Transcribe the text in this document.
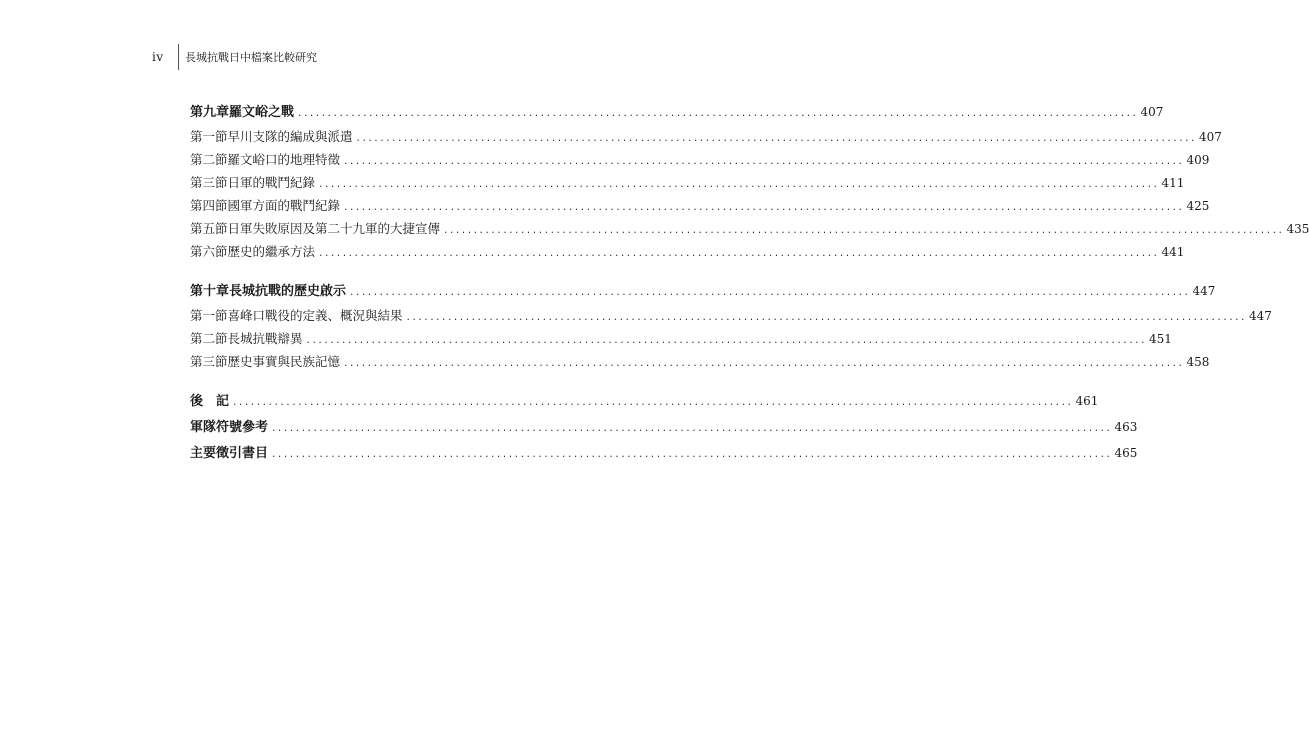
iv 長城抗戰日中檔案比較研究
第九章 羅文峪之戰 .............................................................................................................................................. 407
第一節 早川支隊的編成與派遣 .............................................................................................................................................. 407
第二節 羅文峪口的地理特徵 .............................................................................................................................................. 409
第三節 日軍的戰鬥紀錄 .............................................................................................................................................. 411
第四節 國軍方面的戰鬥紀錄 .............................................................................................................................................. 425
第五節 日軍失敗原因及第二十九軍的大捷宣傳 .............................................................................................................................................. 435
第六節 歷史的繼承方法 .............................................................................................................................................. 441
第十章 長城抗戰的歷史啟示 .............................................................................................................................................. 447
第一節 喜峰口戰役的定義、概況與結果 .............................................................................................................................................. 447
第二節 長城抗戰辯異 .............................................................................................................................................. 451
第三節 歷史事實與民族記憶 .............................................................................................................................................. 458
後　記 .............................................................................................................................................. 461
軍隊符號參考 .............................................................................................................................................. 463
主要徵引書目 .............................................................................................................................................. 465
